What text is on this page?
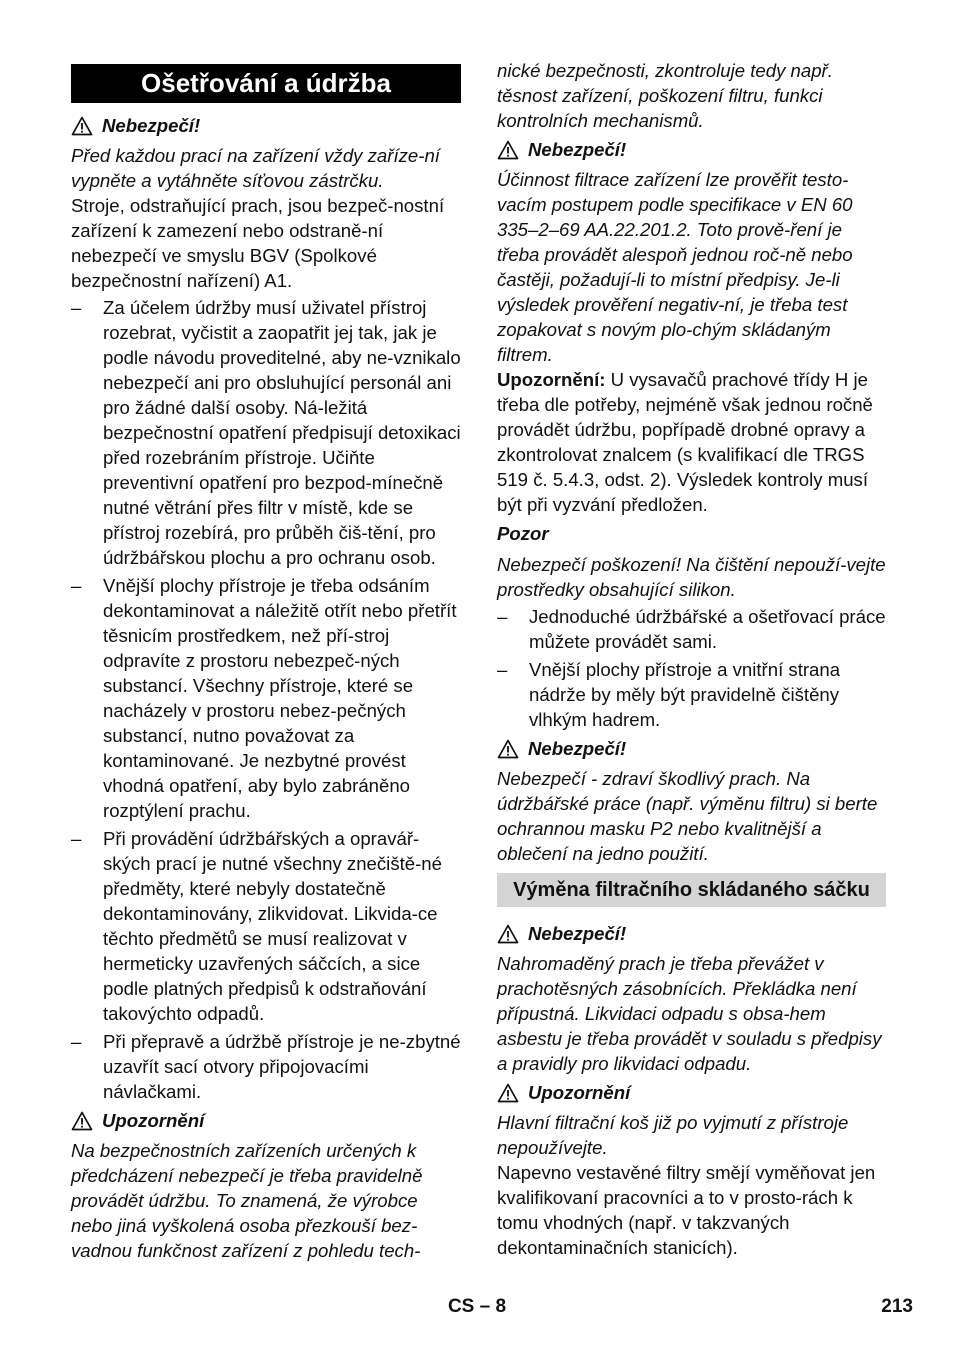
Ošetřování a údržba
Nebezpečí!

Před každou prací na zařízení vždy zaříze-ní vypněte a vytáhněte síťovou zástrčku.

Stroje, odstraňující prach, jsou bezpeč-nostní zařízení k zamezení nebo odstraně-ní nebezpečí ve smyslu BGV (Spolkové bezpečnostní nařízení) A1.

– Za účelem údržby musí uživatel přístroj rozebrat, vyčistit a zaopatřit jej tak, jak je podle návodu proveditelné, aby ne-vznikalo nebezpečí ani pro obsluhující personál ani pro žádné další osoby. Ná-ležitá bezpečnostní opatření předpisují detoxikaci před rozebráním přístroje. Učiňte preventivní opatření pro bezpod-mínečně nutné větrání přes filtr v místě, kde se přístroj rozebírá, pro průběh čiš-tění, pro údržbářskou plochu a pro ochranu osob.
– Vnější plochy přístroje je třeba odsáním dekontaminovat a náležitě otřít nebo přetřít těsnicím prostředkem, než pří-stroj odpravíte z prostoru nebezpeč-ných substancí. Všechny přístroje, které se nacházely v prostoru nebez-pečných substancí, nutno považovat za kontaminované. Je nezbytné provést vhodná opatření, aby bylo zabráněno rozptýlení prachu.
– Při provádění údržbářských a opravář-ských prací je nutné všechny znečiště-né předměty, které nebyly dostatečně dekontaminovány, zlikvidovat. Likvida-ce těchto předmětů se musí realizovat v hermeticky uzavřených sáčcích, a sice podle platných předpisů k odstraňování takovýchto odpadů.
– Při přepravě a údržbě přístroje je ne-zbytné uzavřít sací otvory připojovacími návlačkami.
Upozornění

Na bezpečnostních zařízeních určených k předcházení nebezpečí je třeba pravidelně provádět údržbu. To znamená, že výrobce nebo jiná vyškolená osoba přezkouší bez-vadnou funkčnost zařízení z pohledu tech-

nické bezpečnosti, zkontroluje tedy např. těsnost zařízení, poškození filtru, funkci kontrolních mechanismů.

Nebezpečí!

Účinnost filtrace zařízení lze prověřit testo-vacím postupem podle specifikace v EN 60 335–2–69 AA.22.201.2. Toto prově-ření je třeba provádět alespoň jednou roč-ně nebo častěji, požadují-li to místní předpisy. Je-li výsledek prověření negativ-ní, je třeba test zopakovat s novým plo-chým skládaným filtrem.

Upozornění: U vysavačů prachové třídy H je třeba dle potřeby, nejméně však jednou ročně provádět údržbu, popřípadě drobné opravy a zkontrolovat znalcem (s kvalifikací dle TRGS 519 č. 5.4.3, odst. 2). Výsledek kontroly musí být při vyzvání předložen.

Pozor

Nebezpečí poškození! Na čištění nepouží-vejte prostředky obsahující silikon.

– Jednoduché údržbářské a ošetřovací práce můžete provádět sami.
– Vnější plochy přístroje a vnitřní strana nádrže by měly být pravidelně čištěny vlhkým hadrem.
Nebezpečí!

Nebezpečí - zdraví škodlivý prach. Na údržbářské práce (např. výměnu filtru) si berte ochrannou masku P2 nebo kvalitnější a oblečení na jedno použití.

Výměna filtračního skládaného sáčku
Nebezpečí!

Nahromaděný prach je třeba převážet v prachotěsných zásobnících. Překládka není přípustná. Likvidaci odpadu s obsa-hem asbestu je třeba provádět v souladu s předpisy a pravidly pro likvidaci odpadu.

Upozornění

Hlavní filtrační koš již po vyjmutí z přístroje nepoužívejte.

Napevno vestavěné filtry smějí vyměňovat jen kvalifikovaní pracovníci a to v prosto-rách k tomu vhodných (např. v takzvaných dekontaminačních stanicích).

CS – 8	213
